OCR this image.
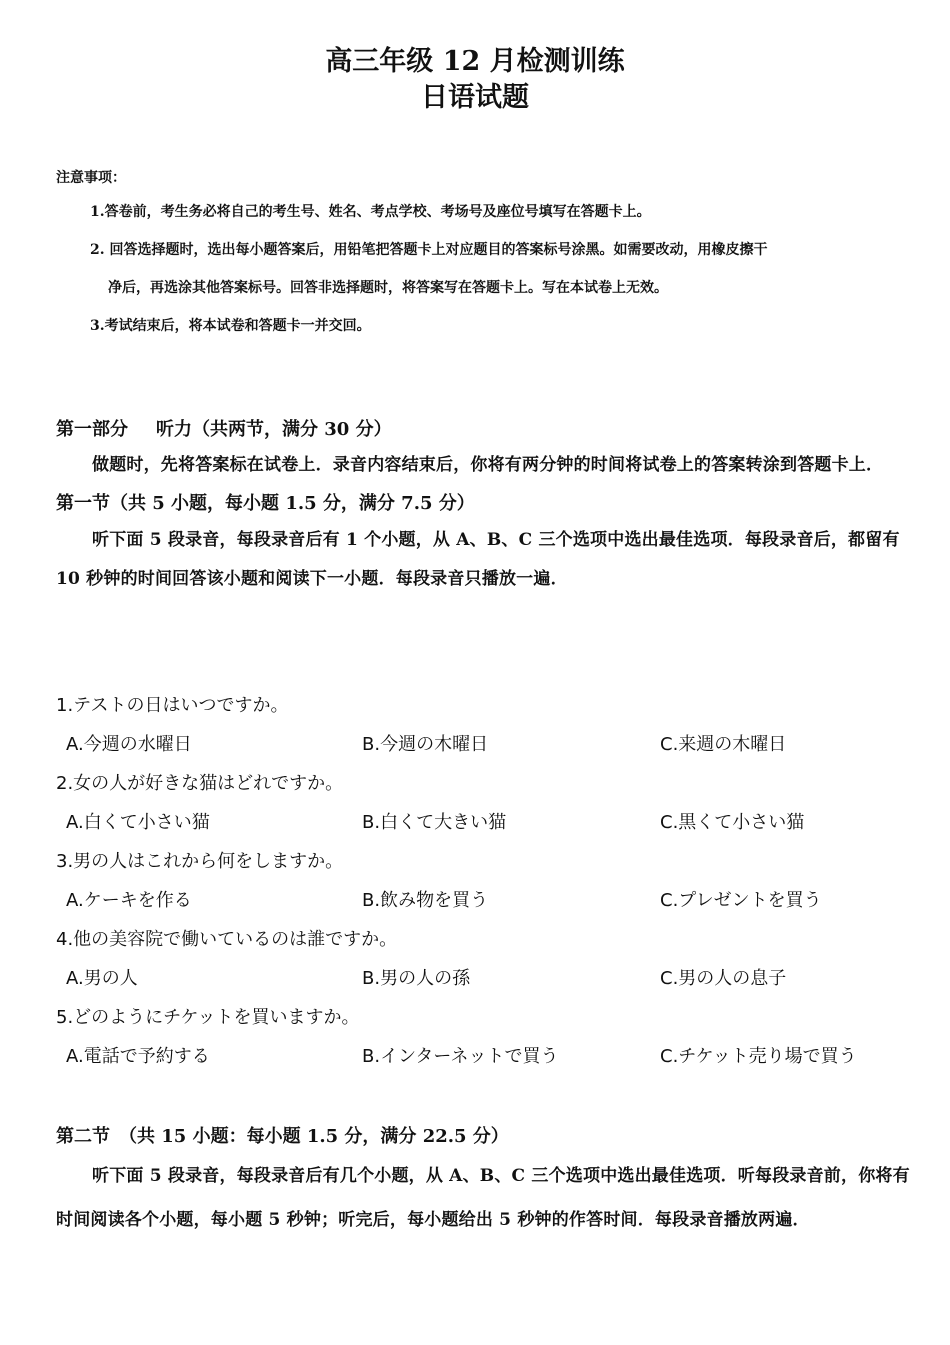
高三年级 12 月检测训练

日语试题

注意事项：

1.答卷前，考生务必将自己的考生号、姓名、考点学校、考场号及座位号填写在答题卡上。

2. 回答选择题时，选出每小题答案后，用铅笔把答题卡上对应题目的答案标号涂黑。如需要改动，用橡皮擦干
净后，再选涂其他答案标号。回答非选择题时，将答案写在答题卡上。写在本试卷上无效。

3.考试结束后，将本试卷和答题卡一并交回。

第一部分 听力（共两节，满分 30 分）

做题时，先将答案标在试卷上．录音内容结束后，你将有两分钟的时间将试卷上的答案转涂到答题卡上．

第一节（共 5 小题，每小题 1.5 分，满分 7.5 分）

听下面 5 段录音，每段录音后有 1 个小题，从 A、B、C 三个选项中选出最佳选项．每段录音后，都留有 10 秒钟的时间回答该小题和阅读下一小题．每段录音只播放一遍．

1.テストの日はいつですか。

A.今週の水曜日	B.今週の木曜日	C.来週の木曜日

2.女の人が好きな猫はどれですか。

A.白くて小さい猫	B.白くて大きい猫	C.黒くて小さい猫

3.男の人はこれから何をしますか。

A.ケーキを作る	B.飲み物を買う	C.プレゼントを買う

4.他の美容院で働いているのは誰ですか。

A.男の人	B.男の人の孫	C.男の人の息子

5.どのようにチケットを買いますか。

A.電話で予約する	B.インターネットで買う	C.チケット売り場で買う

第二节　（共 15 小题：每小题 1.5 分，满分 22.5 分）

听下面 5 段录音，每段录音后有几个小题，从 A、B、C 三个选项中选出最佳选项．听每段录音前，你将有时间阅读各个小题，每小题 5 秒钟；听完后，每小题给出 5 秒钟的作答时间．每段录音播放两遍．
